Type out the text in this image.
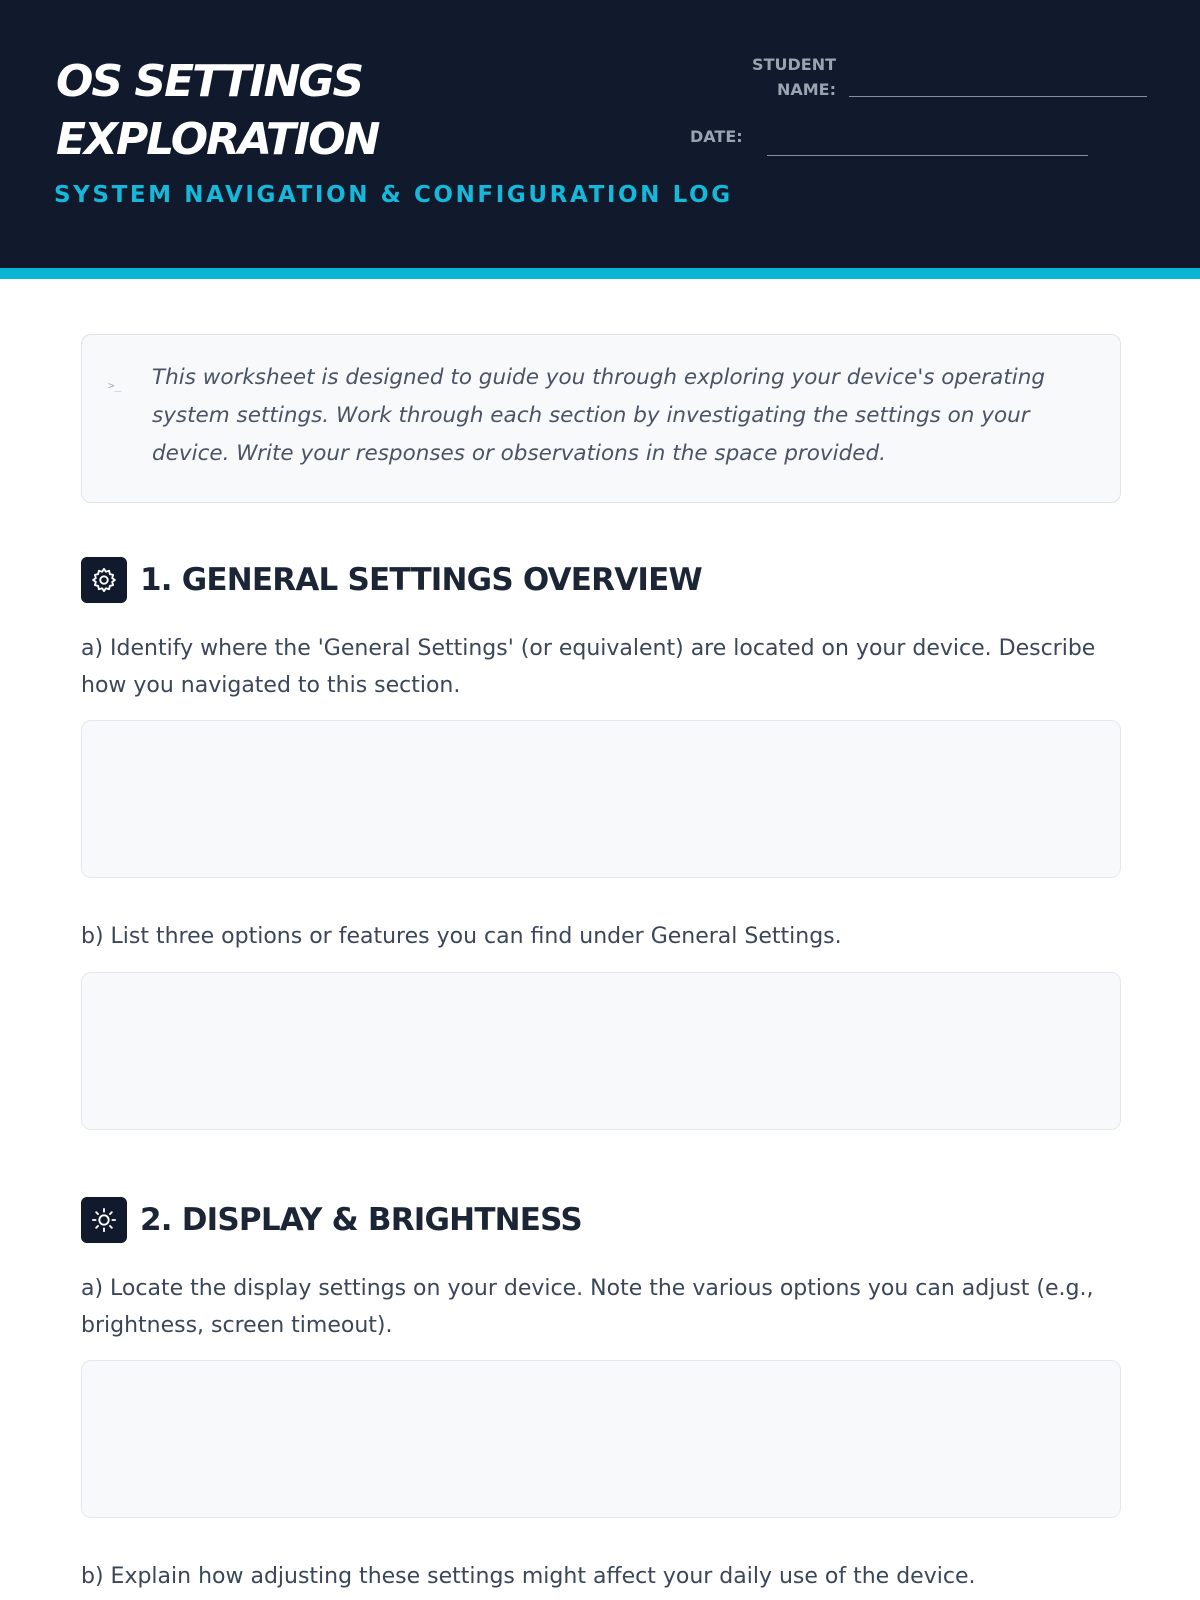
OS SETTINGS
EXPLORATION
SYSTEM NAVIGATION & CONFIGURATION LOG
STUDENT
NAME:
DATE:
>_ This worksheet is designed to guide you through exploring your device's operating system settings. Work through each section by investigating the settings on your device. Write your responses or observations in the space provided.

1. GENERAL SETTINGS OVERVIEW

a) Identify where the 'General Settings' (or equivalent) are located on your device. Describe how you navigated to this section.

b) List three options or features you can find under General Settings.

2. DISPLAY & BRIGHTNESS

a) Locate the display settings on your device. Note the various options you can adjust (e.g., brightness, screen timeout).

b) Explain how adjusting these settings might affect your daily use of the device.
